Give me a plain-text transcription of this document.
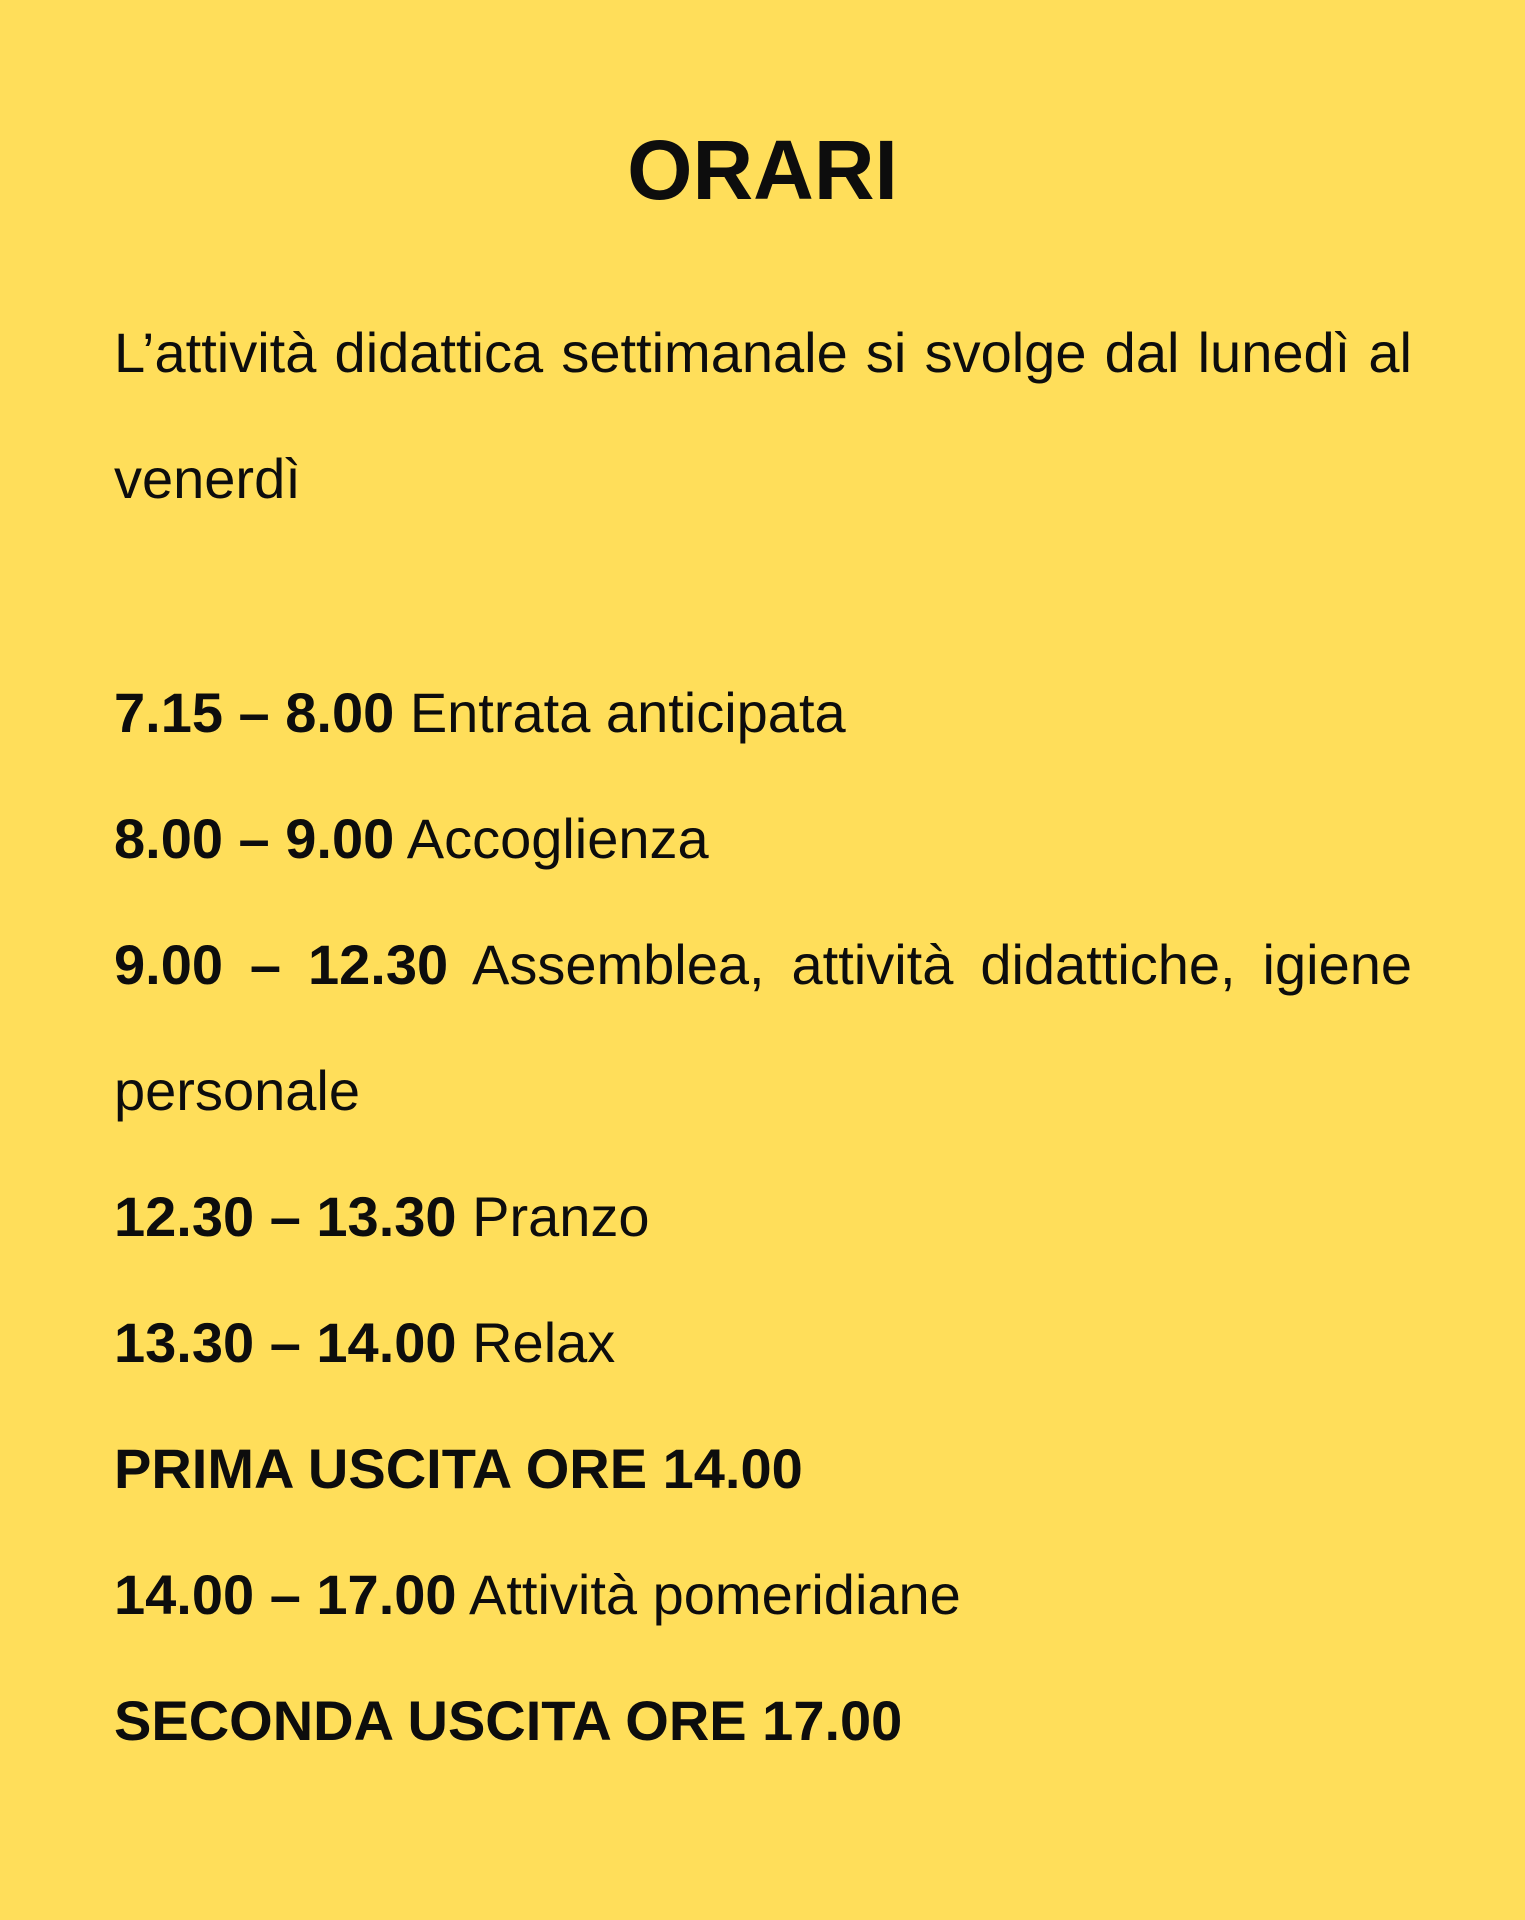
ORARI

L’attività didattica settimanale si svolge dal lunedì al venerdì

7.15 – 8.00 Entrata anticipata
8.00 – 9.00 Accoglienza
9.00 – 12.30 Assemblea, attività didattiche, igiene personale
12.30 – 13.30 Pranzo
13.30 – 14.00 Relax
PRIMA USCITA ORE 14.00
14.00 – 17.00 Attività pomeridiane
SECONDA USCITA ORE 17.00
